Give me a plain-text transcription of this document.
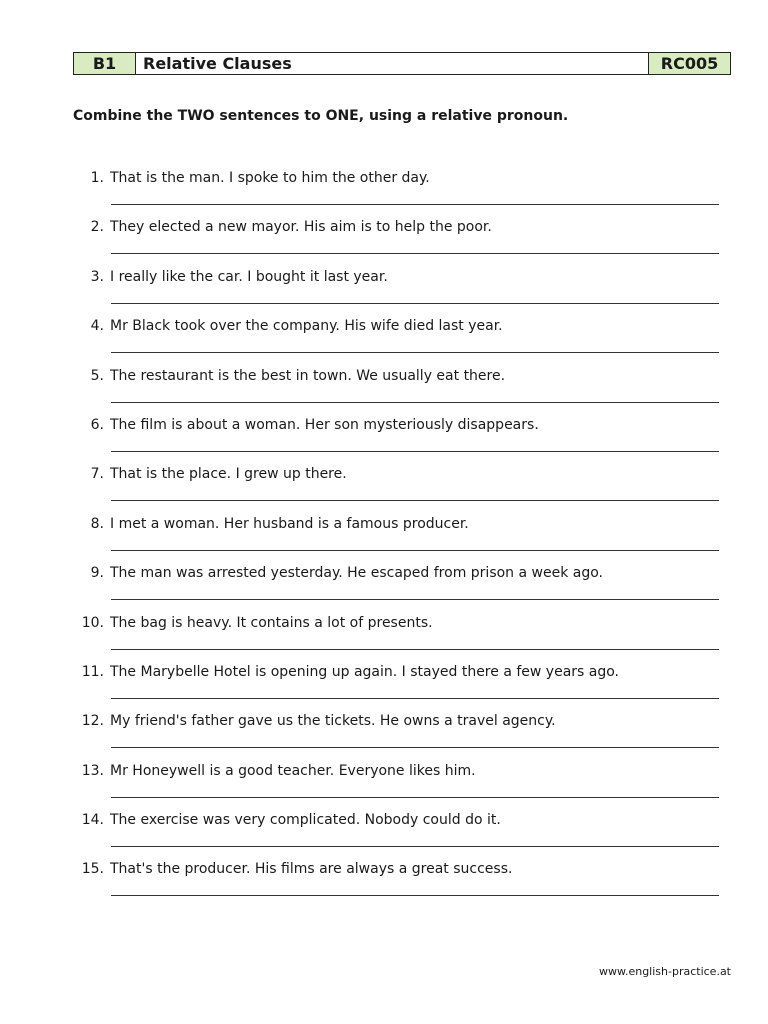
B1	Relative Clauses	RC005

Combine the TWO sentences to ONE, using a relative pronoun.

1. That is the man. I spoke to him the other day.
2. They elected a new mayor. His aim is to help the poor.
3. I really like the car. I bought it last year.
4. Mr Black took over the company. His wife died last year.
5. The restaurant is the best in town. We usually eat there.
6. The film is about a woman. Her son mysteriously disappears.
7. That is the place. I grew up there.
8. I met a woman. Her husband is a famous producer.
9. The man was arrested yesterday. He escaped from prison a week ago.
10. The bag is heavy. It contains a lot of presents.
11. The Marybelle Hotel is opening up again. I stayed there a few years ago.
12. My friend's father gave us the tickets. He owns a travel agency.
13. Mr Honeywell is a good teacher. Everyone likes him.
14. The exercise was very complicated. Nobody could do it.
15. That's the producer. His films are always a great success.
www.english-practice.at
